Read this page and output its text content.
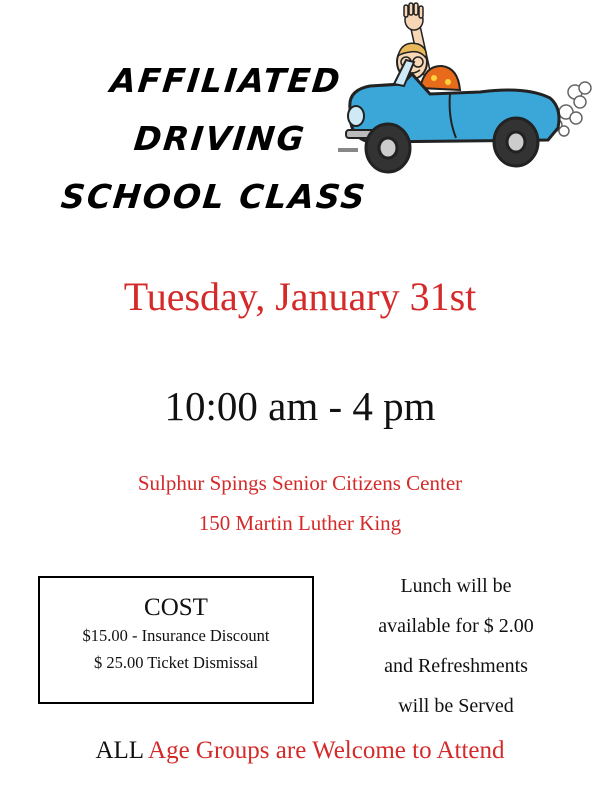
AFFILIATED
DRIVING
SCHOOL CLASS
Tuesday, January 31st
10:00 am - 4 pm
Sulphur Spings Senior Citizens Center
150 Martin Luther King
COST
$15.00 - Insurance Discount
$ 25.00 Ticket Dismissal
Lunch will be
available for $ 2.00
and Refreshments
will be Served
ALL Age Groups are Welcome to Attend
